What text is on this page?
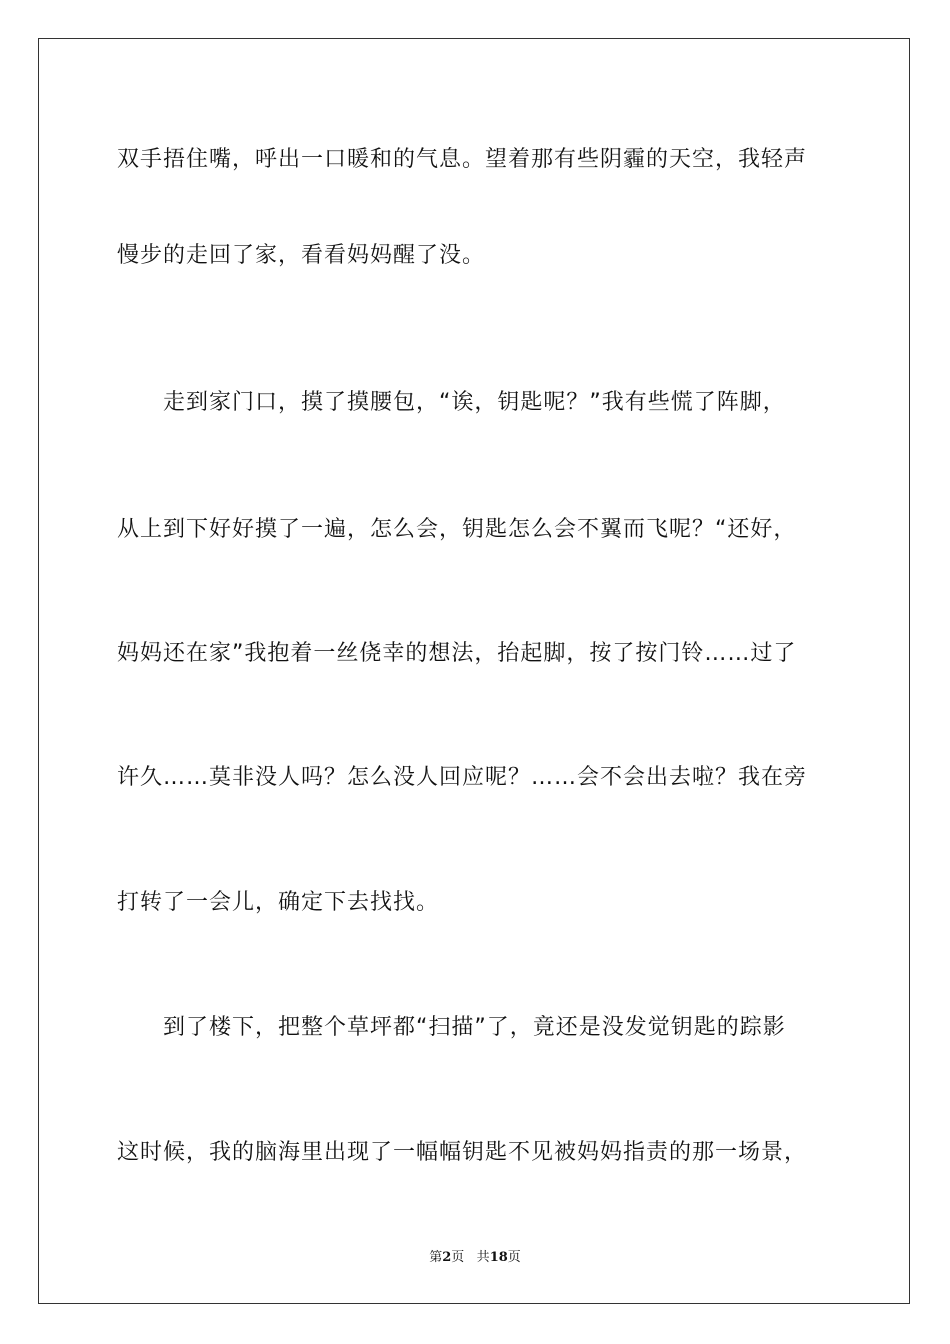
双手捂住嘴，呼出一口暖和的气息。望着那有些阴霾的天空，我轻声
慢步的走回了家，看看妈妈醒了没。
　　走到家门口，摸了摸腰包，“诶，钥匙呢？”我有些慌了阵脚，
从上到下好好摸了一遍，怎么会，钥匙怎么会不翼而飞呢？“还好，
妈妈还在家”我抱着一丝侥幸的想法，抬起脚，按了按门铃……过了
许久……莫非没人吗？怎么没人回应呢？……会不会出去啦？我在旁
打转了一会儿，确定下去找找。
　　到了楼下，把整个草坪都“扫描”了，竟还是没发觉钥匙的踪影
这时候，我的脑海里出现了一幅幅钥匙不见被妈妈指责的那一场景，
第2页 共18页
